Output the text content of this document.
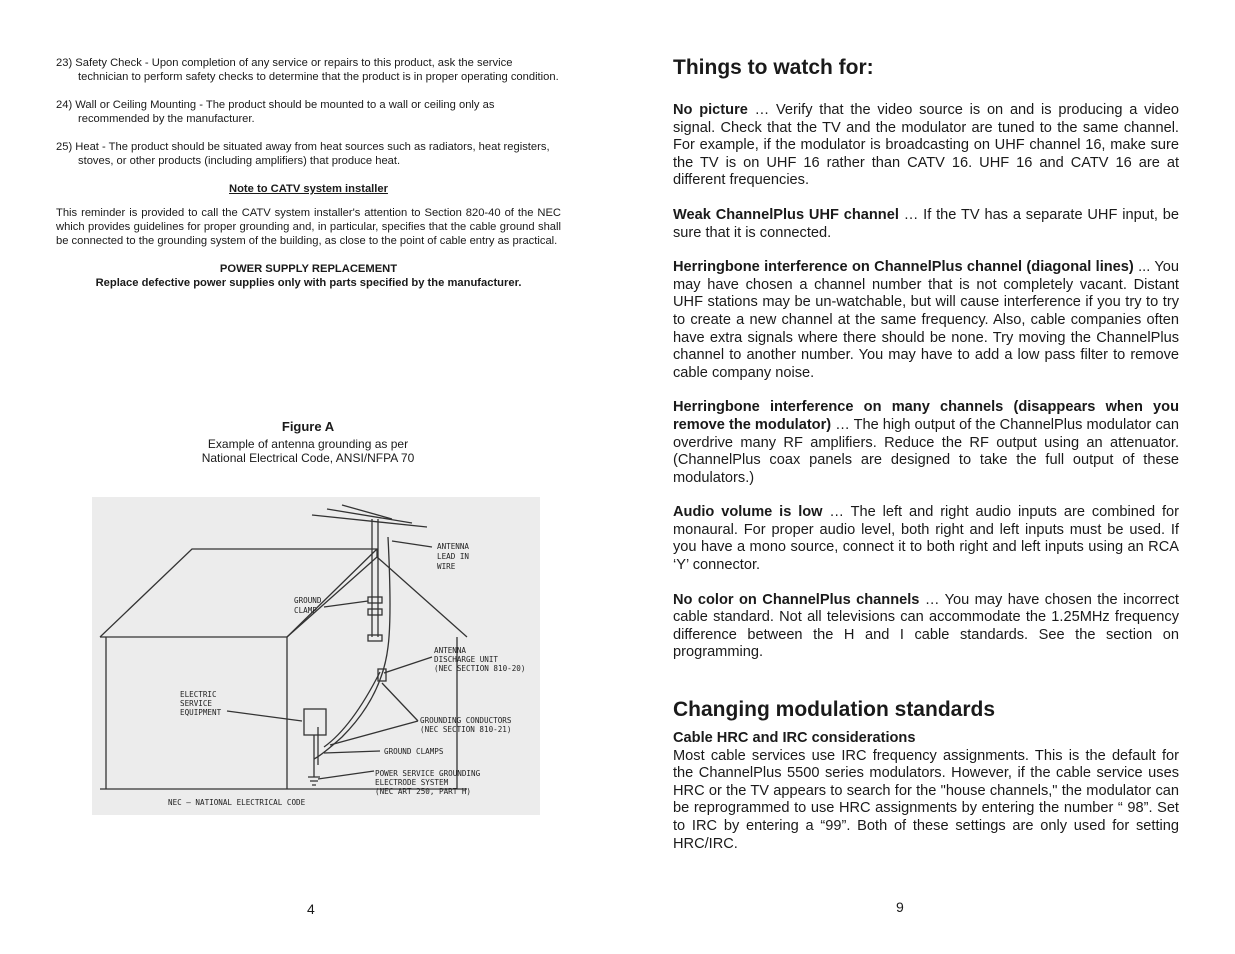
23) Safety Check - Upon completion of any service or repairs to this product, ask the service technician to perform safety checks to determine that the product is in proper operating condition.
24) Wall or Ceiling Mounting - The product should be mounted to a wall or ceiling only as recommended by the manufacturer.
25) Heat - The product should be situated away from heat sources such as radiators, heat registers, stoves, or other products (including amplifiers) that produce heat.
Note to CATV system installer
This reminder is provided to call the CATV system installer's attention to Section 820-40 of the NEC which provides guidelines for proper grounding and, in particular, specifies that the cable ground shall be connected to the grounding system of the building, as close to the point of cable entry as practical.
POWER SUPPLY REPLACEMENT
Replace defective power supplies only with parts specified by the manufacturer.
Figure A
Example of antenna grounding as per
National Electrical Code, ANSI/NFPA 70
ANTENNA
LEAD IN
WIRE
GROUND
CLAMP
ANTENNA
DISCHARGE UNIT
(NEC SECTION 810-20)
ELECTRIC
SERVICE
EQUIPMENT
GROUNDING CONDUCTORS
(NEC SECTION 810-21)
GROUND CLAMPS
POWER SERVICE GROUNDING
ELECTRODE SYSTEM
(NEC ART 250, PART H)
NEC – NATIONAL ELECTRICAL CODE
4
Things to watch for:
No picture … Verify that the video source is on and is producing a video signal. Check that the TV and the modulator are tuned to the same channel. For example, if the modulator is broadcasting on UHF channel 16, make sure the TV is on UHF 16 rather than CATV 16. UHF 16 and CATV 16 are at different frequencies.
Weak ChannelPlus UHF channel … If the TV has a separate UHF input, be sure that it is connected.
Herringbone interference on ChannelPlus channel (diagonal lines) ... You may have chosen a channel number that is not completely vacant. Distant UHF stations may be un-watchable, but will cause interference if you try to try to create a new channel at the same frequency. Also, cable companies often have extra signals where there should be none. Try moving the ChannelPlus channel to another number. You may have to add a low pass filter to remove cable company noise.
Herringbone interference on many channels (disappears when you remove the modulator) … The high output of the ChannelPlus modulator can overdrive many RF amplifiers. Reduce the RF output using an attenuator. (ChannelPlus coax panels are designed to take the full output of these modulators.)
Audio volume is low … The left and right audio inputs are combined for monaural. For proper audio level, both right and left inputs must be used. If you have a mono source, connect it to both right and left inputs using an RCA ‘Y’ connector.
No color on ChannelPlus channels … You may have chosen the incorrect cable standard. Not all televisions can accommodate the 1.25MHz frequency difference between the H and I cable standards. See the section on programming.
Changing modulation standards
Cable HRC and IRC considerations
Most cable services use IRC frequency assignments. This is the default for the ChannelPlus 5500 series modulators. However, if the cable service uses HRC or the TV appears to search for the "house channels," the modulator can be reprogrammed to use HRC assignments by entering the number “ 98”. Set to IRC by entering a “99”. Both of these settings are only used for setting HRC/IRC.
9
